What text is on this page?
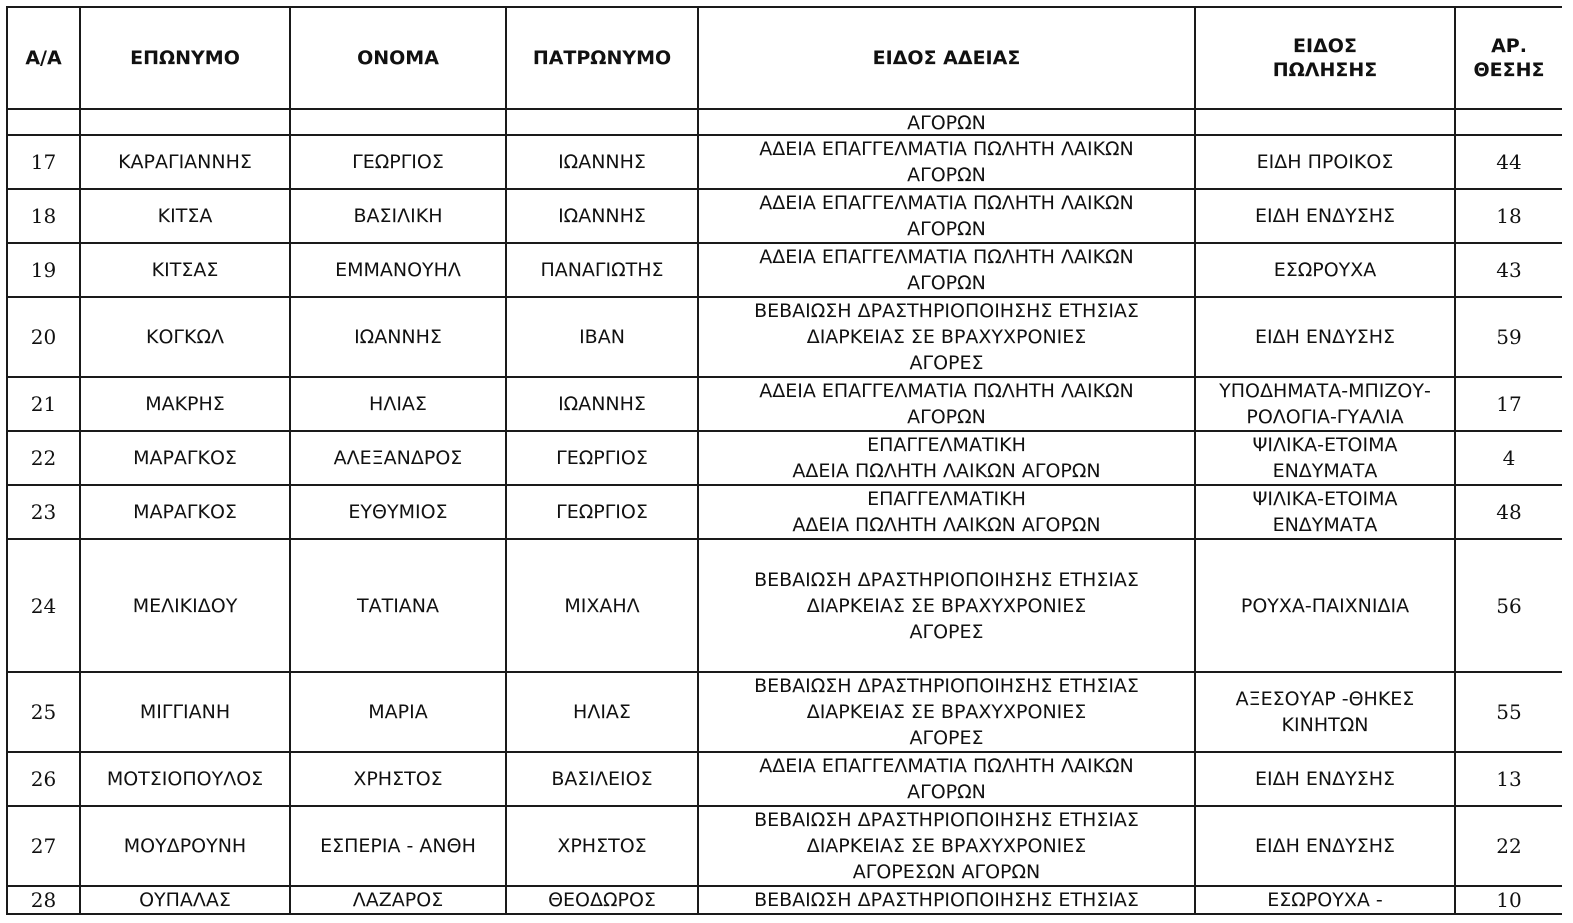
Α/Α	ΕΠΩΝΥΜΟ	ΟΝΟΜΑ	ΠΑΤΡΩΝΥΜΟ	ΕΙΔΟΣ ΑΔΕΙΑΣ	ΕΙΔΟΣ
ΠΩΛΗΣΗΣ	ΑΡ.
ΘΕΣΗΣ

				ΑΓΟΡΩΝ		
17	ΚΑΡΑΓΙΑΝΝΗΣ	ΓΕΩΡΓΙΟΣ	ΙΩΑΝΝΗΣ	ΑΔΕΙΑ ΕΠΑΓΓΕΛΜΑΤΙΑ ΠΩΛΗΤΗ ΛΑΙΚΩΝ
ΑΓΟΡΩΝ	ΕΙΔΗ ΠΡΟΙΚΟΣ	44
18	ΚΙΤΣΑ	ΒΑΣΙΛΙΚΗ	ΙΩΑΝΝΗΣ	ΑΔΕΙΑ ΕΠΑΓΓΕΛΜΑΤΙΑ ΠΩΛΗΤΗ ΛΑΙΚΩΝ
ΑΓΟΡΩΝ	ΕΙΔΗ ΕΝΔΥΣΗΣ	18
19	ΚΙΤΣΑΣ	ΕΜΜΑΝΟΥΗΛ	ΠΑΝΑΓΙΩΤΗΣ	ΑΔΕΙΑ ΕΠΑΓΓΕΛΜΑΤΙΑ ΠΩΛΗΤΗ ΛΑΙΚΩΝ
ΑΓΟΡΩΝ	ΕΣΩΡΟΥΧΑ	43
20	ΚΟΓΚΩΛ	ΙΩΑΝΝΗΣ	ΙΒΑΝ	ΒΕΒΑΙΩΣΗ ΔΡΑΣΤΗΡΙΟΠΟΙΗΣΗΣ ΕΤΗΣΙΑΣ
ΔΙΑΡΚΕΙΑΣ ΣΕ ΒΡΑΧΥΧΡΟΝΙΕΣ
ΑΓΟΡΕΣ	ΕΙΔΗ ΕΝΔΥΣΗΣ	59
21	ΜΑΚΡΗΣ	ΗΛΙΑΣ	ΙΩΑΝΝΗΣ	ΑΔΕΙΑ ΕΠΑΓΓΕΛΜΑΤΙΑ ΠΩΛΗΤΗ ΛΑΙΚΩΝ
ΑΓΟΡΩΝ	ΥΠΟΔΗΜΑΤΑ-ΜΠΙΖΟΥ-
ΡΟΛΟΓΙΑ-ΓΥΑΛΙΑ	17
22	ΜΑΡΑΓΚΟΣ	ΑΛΕΞΑΝΔΡΟΣ	ΓΕΩΡΓΙΟΣ	ΕΠΑΓΓΕΛΜΑΤΙΚΗ
ΑΔΕΙΑ ΠΩΛΗΤΗ ΛΑΙΚΩΝ ΑΓΟΡΩΝ	ΨΙΛΙΚΑ-ΕΤΟΙΜΑ
ΕΝΔΥΜΑΤΑ	4
23	ΜΑΡΑΓΚΟΣ	ΕΥΘΥΜΙΟΣ	ΓΕΩΡΓΙΟΣ	ΕΠΑΓΓΕΛΜΑΤΙΚΗ
ΑΔΕΙΑ ΠΩΛΗΤΗ ΛΑΙΚΩΝ ΑΓΟΡΩΝ	ΨΙΛΙΚΑ-ΕΤΟΙΜΑ
ΕΝΔΥΜΑΤΑ	48
24	ΜΕΛΙΚΙΔΟΥ	ΤΑΤΙΑΝΑ	ΜΙΧΑΗΛ	ΒΕΒΑΙΩΣΗ ΔΡΑΣΤΗΡΙΟΠΟΙΗΣΗΣ ΕΤΗΣΙΑΣ
ΔΙΑΡΚΕΙΑΣ ΣΕ ΒΡΑΧΥΧΡΟΝΙΕΣ
ΑΓΟΡΕΣ	ΡΟΥΧΑ-ΠΑΙΧΝΙΔΙΑ	56
25	ΜΙΓΓΙΑΝΗ	ΜΑΡΙΑ	ΗΛΙΑΣ	ΒΕΒΑΙΩΣΗ ΔΡΑΣΤΗΡΙΟΠΟΙΗΣΗΣ ΕΤΗΣΙΑΣ
ΔΙΑΡΚΕΙΑΣ ΣΕ ΒΡΑΧΥΧΡΟΝΙΕΣ
ΑΓΟΡΕΣ	ΑΞΕΣΟΥΑΡ -ΘΗΚΕΣ
ΚΙΝΗΤΩΝ	55
26	ΜΟΤΣΙΟΠΟΥΛΟΣ	ΧΡΗΣΤΟΣ	ΒΑΣΙΛΕΙΟΣ	ΑΔΕΙΑ ΕΠΑΓΓΕΛΜΑΤΙΑ ΠΩΛΗΤΗ ΛΑΙΚΩΝ
ΑΓΟΡΩΝ	ΕΙΔΗ ΕΝΔΥΣΗΣ	13
27	ΜΟΥΔΡΟΥΝΗ	ΕΣΠΕΡΙΑ - ΑΝΘΗ	ΧΡΗΣΤΟΣ	ΒΕΒΑΙΩΣΗ ΔΡΑΣΤΗΡΙΟΠΟΙΗΣΗΣ ΕΤΗΣΙΑΣ
ΔΙΑΡΚΕΙΑΣ ΣΕ ΒΡΑΧΥΧΡΟΝΙΕΣ
ΑΓΟΡΕΣΩΝ ΑΓΟΡΩΝ	ΕΙΔΗ ΕΝΔΥΣΗΣ	22
28	ΟΥΠΑΛΑΣ	ΛΑΖΑΡΟΣ	ΘΕΟΔΩΡΟΣ	ΒΕΒΑΙΩΣΗ ΔΡΑΣΤΗΡΙΟΠΟΙΗΣΗΣ ΕΤΗΣΙΑΣ	ΕΣΩΡΟΥΧΑ -	10
